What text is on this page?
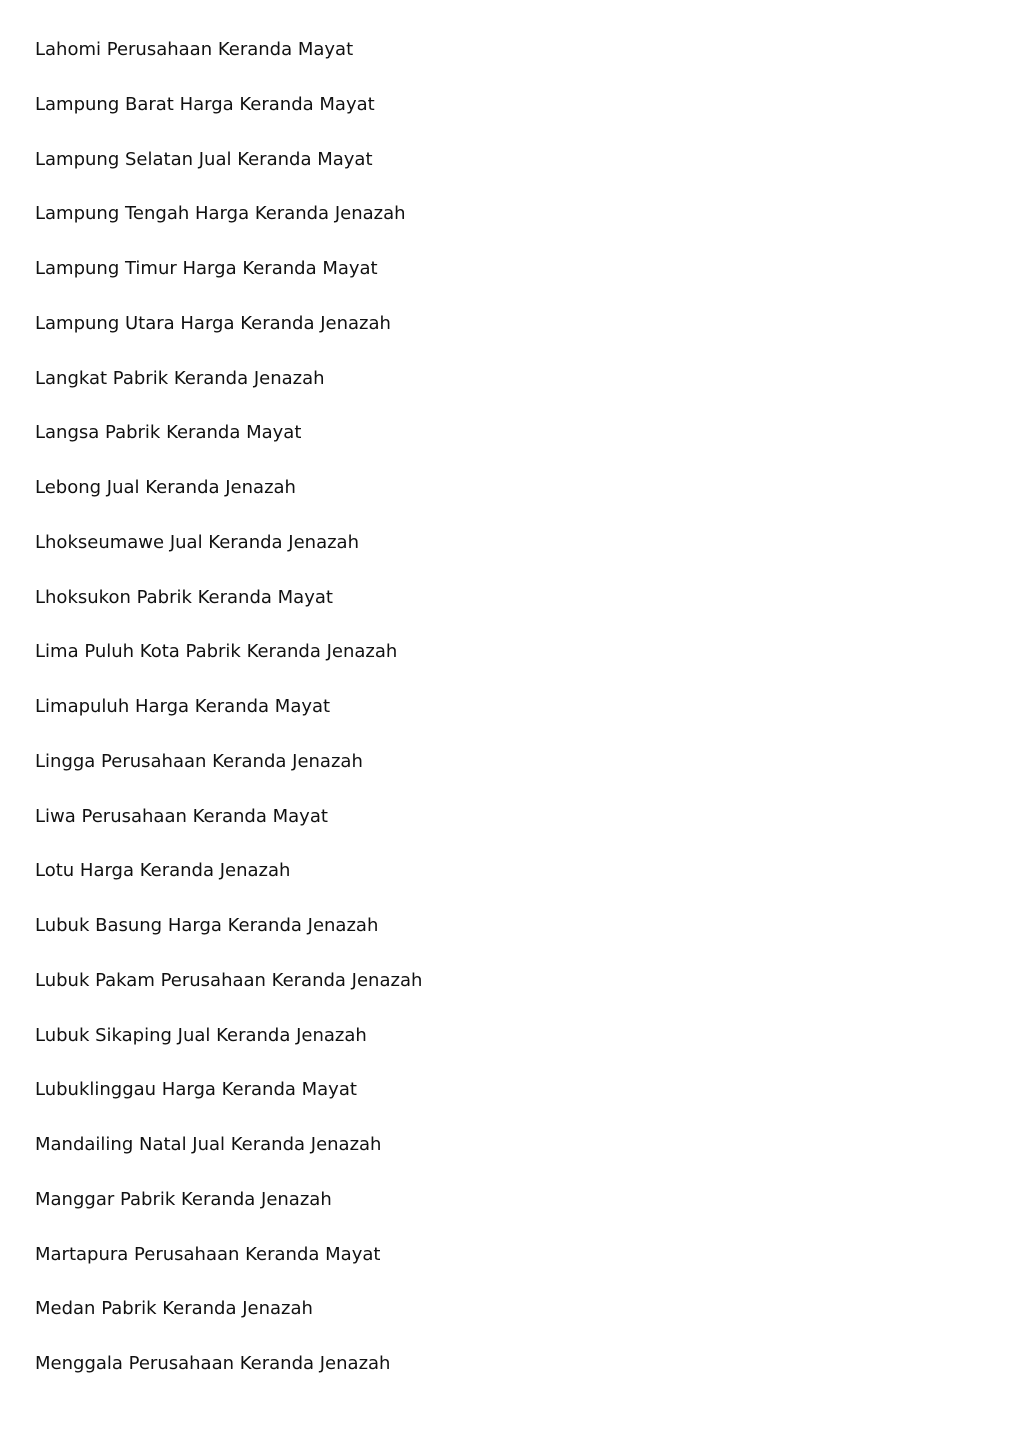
Lahomi Perusahaan Keranda Mayat
Lampung Barat Harga Keranda Mayat
Lampung Selatan Jual Keranda Mayat
Lampung Tengah Harga Keranda Jenazah
Lampung Timur Harga Keranda Mayat
Lampung Utara Harga Keranda Jenazah
Langkat Pabrik Keranda Jenazah
Langsa Pabrik Keranda Mayat
Lebong Jual Keranda Jenazah
Lhokseumawe Jual Keranda Jenazah
Lhoksukon Pabrik Keranda Mayat
Lima Puluh Kota Pabrik Keranda Jenazah
Limapuluh Harga Keranda Mayat
Lingga Perusahaan Keranda Jenazah
Liwa Perusahaan Keranda Mayat
Lotu Harga Keranda Jenazah
Lubuk Basung Harga Keranda Jenazah
Lubuk Pakam Perusahaan Keranda Jenazah
Lubuk Sikaping Jual Keranda Jenazah
Lubuklinggau Harga Keranda Mayat
Mandailing Natal Jual Keranda Jenazah
Manggar Pabrik Keranda Jenazah
Martapura Perusahaan Keranda Mayat
Medan Pabrik Keranda Jenazah
Menggala Perusahaan Keranda Jenazah
